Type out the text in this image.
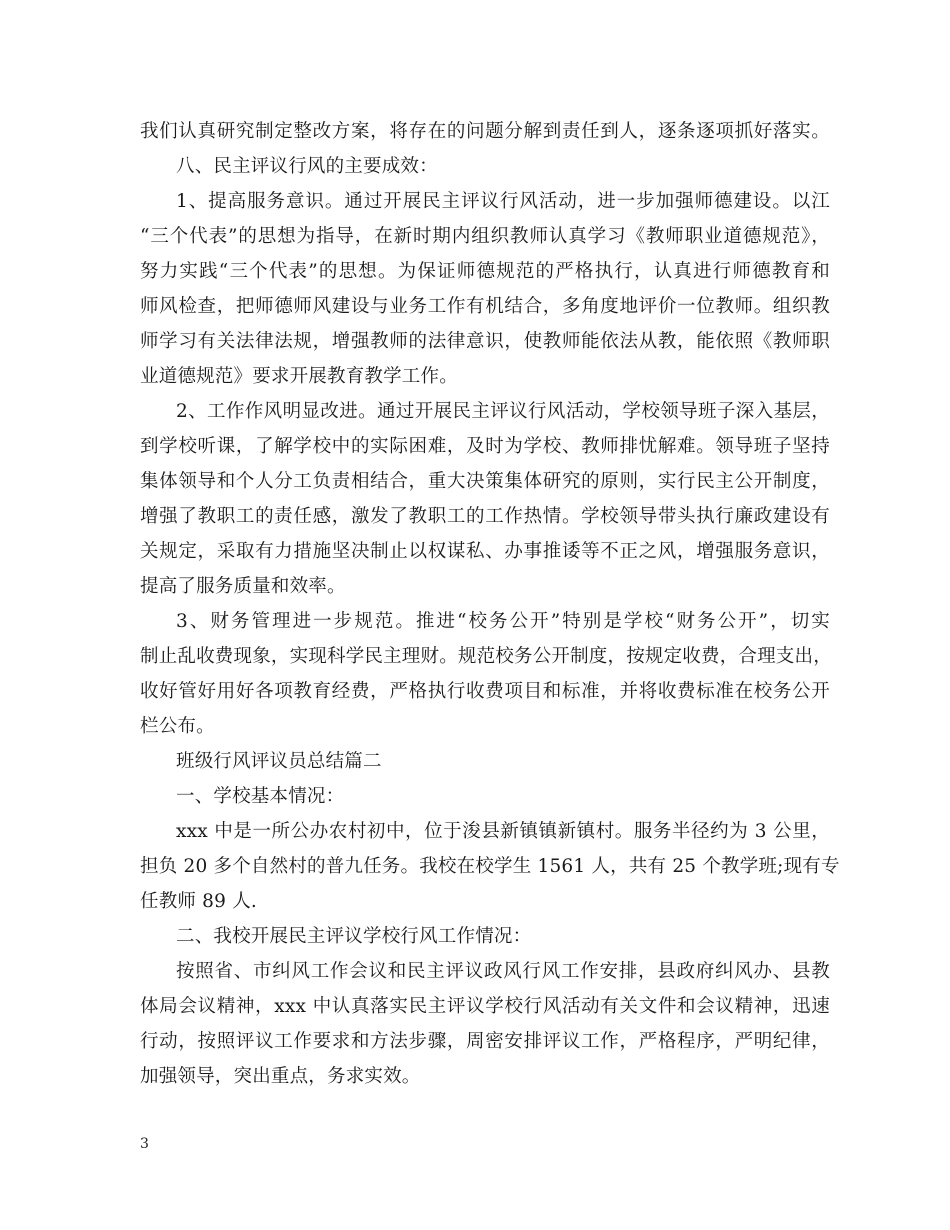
我们认真研究制定整改方案，将存在的问题分解到责任到人，逐条逐项抓好落实。
八、民主评议行风的主要成效：
1、提高服务意识。通过开展民主评议行风活动，进一步加强师德建设。以江
“三个代表”的思想为指导，在新时期内组织教师认真学习《教师职业道德规范》，
努力实践“三个代表”的思想。为保证师德规范的严格执行，认真进行师德教育和
师风检查，把师德师风建设与业务工作有机结合，多角度地评价一位教师。组织教
师学习有关法律法规，增强教师的法律意识，使教师能依法从教，能依照《教师职
业道德规范》要求开展教育教学工作。
2、工作作风明显改进。通过开展民主评议行风活动，学校领导班子深入基层，
到学校听课，了解学校中的实际困难，及时为学校、教师排忧解难。领导班子坚持
集体领导和个人分工负责相结合，重大决策集体研究的原则，实行民主公开制度，
增强了教职工的责任感，激发了教职工的工作热情。学校领导带头执行廉政建设有
关规定，采取有力措施坚决制止以权谋私、办事推诿等不正之风，增强服务意识，
提高了服务质量和效率。
3、财务管理进一步规范。推进“校务公开”特别是学校“财务公开”，切实
制止乱收费现象，实现科学民主理财。规范校务公开制度，按规定收费，合理支出，
收好管好用好各项教育经费，严格执行收费项目和标准，并将收费标准在校务公开
栏公布。
班级行风评议员总结篇二
一、学校基本情况：
xxx 中是一所公办农村初中，位于浚县新镇镇新镇村。服务半径约为 3 公里，
担负 20 多个自然村的普九任务。我校在校学生 1561 人，共有 25 个教学班;现有专
任教师 89 人.
二、我校开展民主评议学校行风工作情况：
按照省、市纠风工作会议和民主评议政风行风工作安排，县政府纠风办、县教
体局会议精神，xxx 中认真落实民主评议学校行风活动有关文件和会议精神，迅速
行动，按照评议工作要求和方法步骤，周密安排评议工作，严格程序，严明纪律，
加强领导，突出重点，务求实效。
3
